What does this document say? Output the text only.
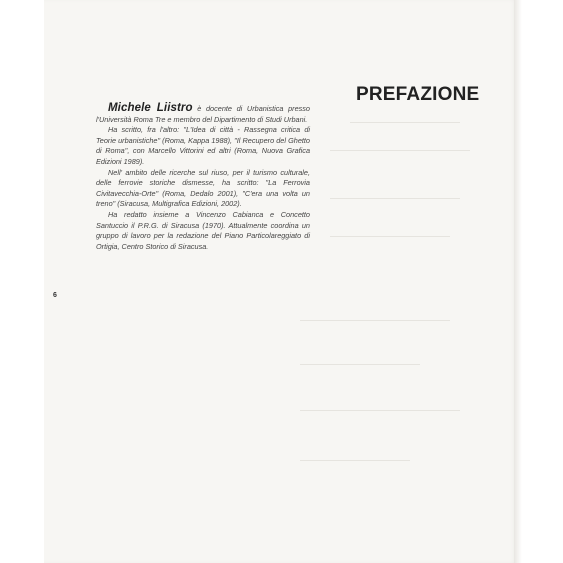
PREFAZIONE

Michele Liistro è docente di Urbanistica presso l'Università Roma Tre e membro del Dipartimento di Studi Urbani.

Ha scritto, fra l'altro: "L'Idea di città - Rassegna critica di Teorie urbanistiche" (Roma, Kappa 1988), "Il Recupero del Ghetto di Roma", con Marcello Vittorini ed altri (Roma, Nuova Grafica Edizioni 1989).

Nell' ambito delle ricerche sul riuso, per il turismo culturale, delle ferrovie storiche dismesse, ha scritto: "La Ferrovia Civitavecchia-Orte" (Roma, Dedalo 2001), "C'era una volta un treno" (Siracusa, Multigrafica Edizioni, 2002).

Ha redatto insieme a Vincenzo Cabianca e Concetto Santuccio il P.R.G. di Siracusa (1970). Attualmente coordina un gruppo di lavoro per la redazione del Piano Particolareggiato di Ortigia, Centro Storico di Siracusa.

6
